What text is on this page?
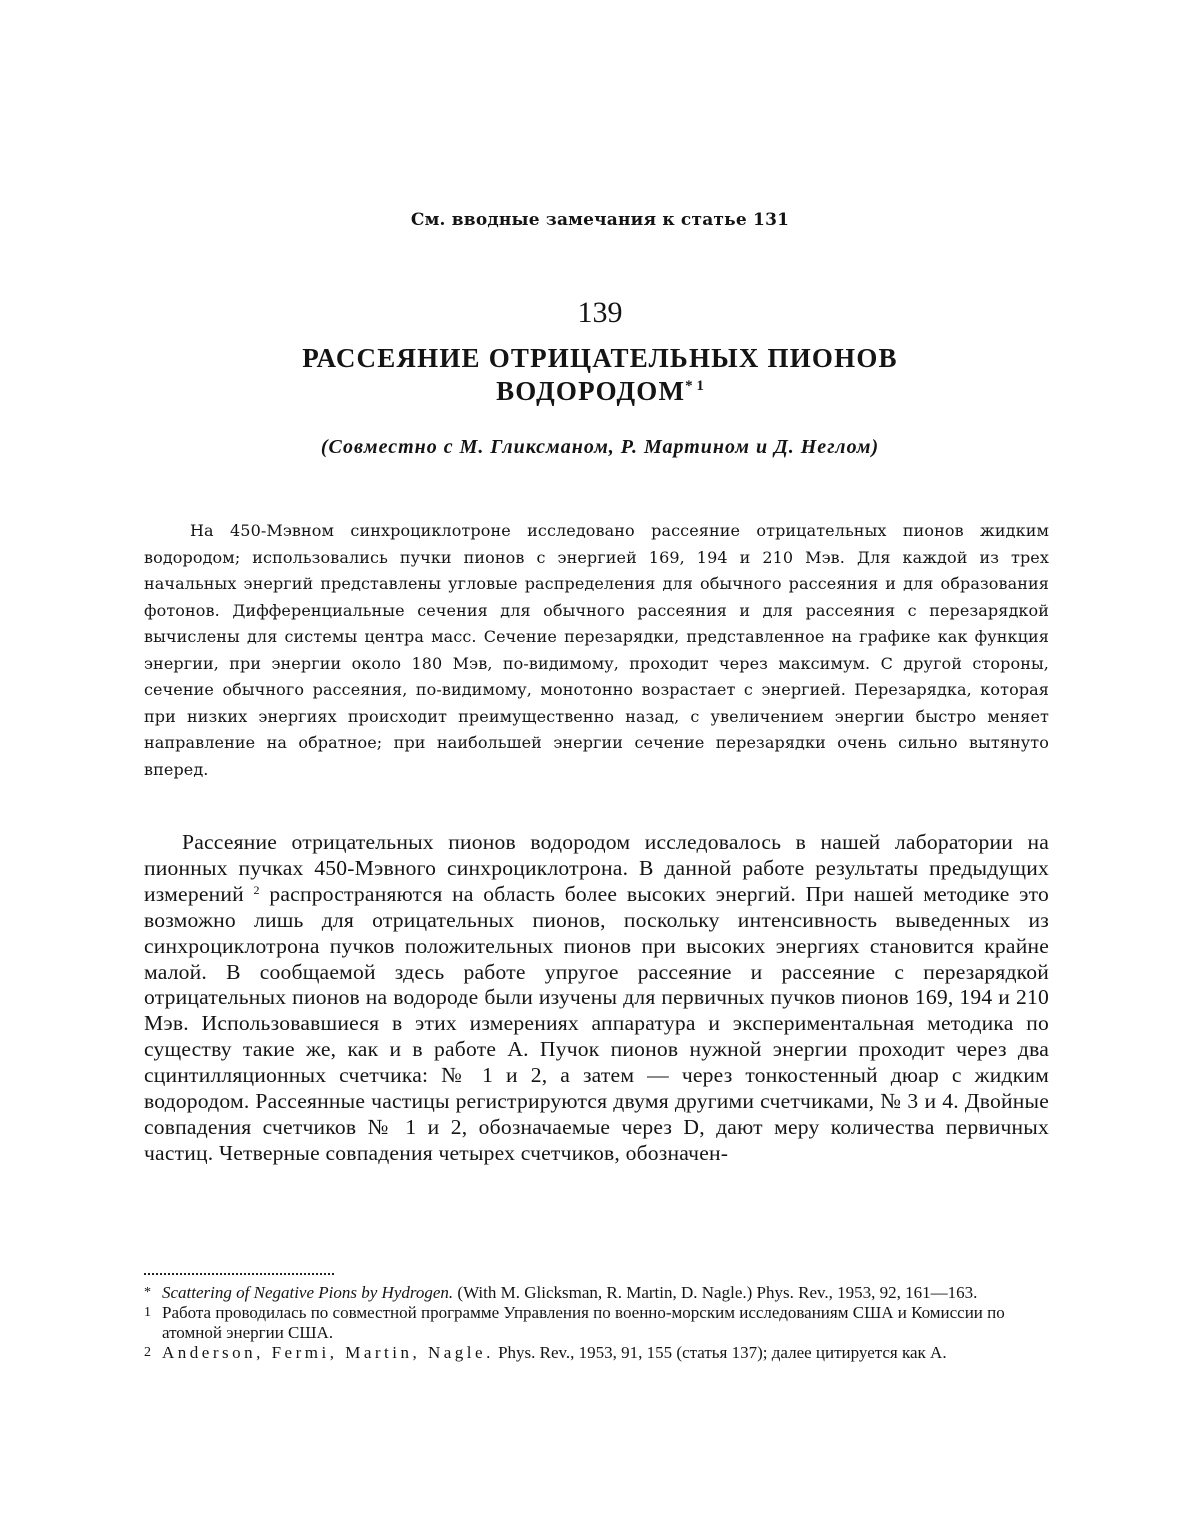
См. вводные замечания к статье 131
139
РАССЕЯНИЕ ОТРИЦАТЕЛЬНЫХ ПИОНОВ
ВОДОРОДОМ$^{* 1}$
(Совместно с М. Гликсманом, Р. Мартином и Д. Неглом)

На 450-Мэвном синхроциклотроне исследовано рассеяние отрицательных пионов жидким водородом; использовались пучки пионов с энергией 169, 194 и 210 Мэв. Для каждой из трех начальных энергий представлены угловые распределения для обычного рассеяния и для образования фотонов. Дифференциальные сечения для обычного рассеяния и для рассеяния с перезарядкой вычислены для системы центра масс. Сечение перезарядки, представленное на графике как функция энергии, при энергии около 180 Мэв, по-видимому, проходит через максимум. С другой стороны, сечение обычного рассеяния, по-видимому, монотонно возрастает с энергией. Перезарядка, которая при низких энергиях происходит преимущественно назад, с увеличением энергии быстро меняет направление на обратное; при наибольшей энергии сечение перезарядки очень сильно вытянуто вперед.

Рассеяние отрицательных пионов водородом исследовалось в нашей лаборатории на пионных пучках 450-Мэвного синхроциклотрона. В данной работе результаты предыдущих измерений $^2$ распространяются на область более высоких энергий. При нашей методике это возможно лишь для отрицательных пионов, поскольку интенсивность выведенных из синхроциклотрона пучков положительных пионов при высоких энергиях становится крайне малой. В сообщаемой здесь работе упругое рассеяние и рассеяние с перезарядкой отрицательных пионов на водороде были изучены для первичных пучков пионов 169, 194 и 210 Мэв. Использовавшиеся в этих измерениях аппаратура и экспериментальная методика по существу такие же, как и в работе А. Пучок пионов нужной энергии проходит через два сцинтилляционных счетчика: № 1 и 2, а затем — через тонкостенный дюар с жидким водородом. Рассеянные частицы регистрируются двумя другими счетчиками, № 3 и 4. Двойные совпадения счетчиков № 1 и 2, обозначаемые через D, дают меру количества первичных частиц. Четверные совпадения четырех счетчиков, обозначен-

* Scattering of Negative Pions by Hydrogen. (With M. Glicksman, R. Martin, D. Nagle.) Phys. Rev., 1953, 92, 161—163.

1 Работа проводилась по совместной программе Управления по военно-морским исследованиям США и Комиссии по атомной энергии США.

2 Anderson, Fermi, Martin, Nagle. Phys. Rev., 1953, 91, 155 (статья 137); далее цитируется как А.
